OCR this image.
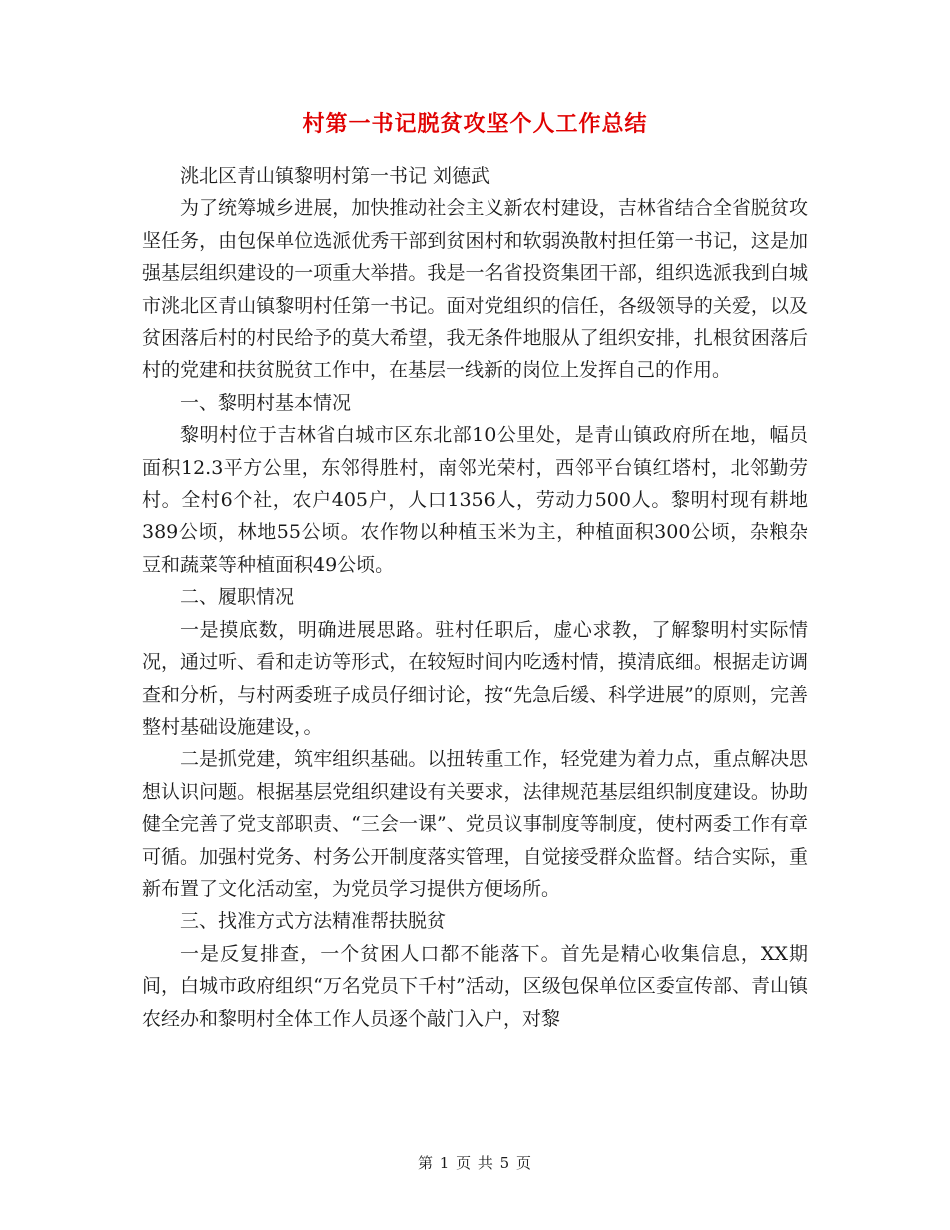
村第一书记脱贫攻坚个人工作总结

洮北区青山镇黎明村第一书记 刘德武

为了统筹城乡进展，加快推动社会主义新农村建设，吉林省结合全省脱贫攻坚任务，由包保单位选派优秀干部到贫困村和软弱涣散村担任第一书记，这是加强基层组织建设的一项重大举措。我是一名省投资集团干部，组织选派我到白城市洮北区青山镇黎明村任第一书记。面对党组织的信任，各级领导的关爱，以及贫困落后村的村民给予的莫大希望，我无条件地服从了组织安排，扎根贫困落后村的党建和扶贫脱贫工作中，在基层一线新的岗位上发挥自己的作用。

一、黎明村基本情况

黎明村位于吉林省白城市区东北部10公里处，是青山镇政府所在地，幅员面积12.3平方公里，东邻得胜村，南邻光荣村，西邻平台镇红塔村，北邻勤劳村。全村6个社，农户405户，人口1356人，劳动力500人。黎明村现有耕地389公顷，林地55公顷。农作物以种植玉米为主，种植面积300公顷，杂粮杂豆和蔬菜等种植面积49公顷。

二、履职情况

一是摸底数，明确进展思路。驻村任职后，虚心求教，了解黎明村实际情况，通过听、看和走访等形式，在较短时间内吃透村情，摸清底细。根据走访调查和分析，与村两委班子成员仔细讨论，按“先急后缓、科学进展”的原则，完善整村基础设施建设，。

二是抓党建，筑牢组织基础。以扭转重工作，轻党建为着力点，重点解决思想认识问题。根据基层党组织建设有关要求，法律规范基层组织制度建设。协助健全完善了党支部职责、“三会一课”、党员议事制度等制度，使村两委工作有章可循。加强村党务、村务公开制度落实管理，自觉接受群众监督。结合实际，重新布置了文化活动室，为党员学习提供方便场所。

三、找准方式方法精准帮扶脱贫

一是反复排查，一个贫困人口都不能落下。首先是精心收集信息，XX期间，白城市政府组织“万名党员下千村”活动，区级包保单位区委宣传部、青山镇农经办和黎明村全体工作人员逐个敲门入户，对黎

第 1 页 共 5 页
